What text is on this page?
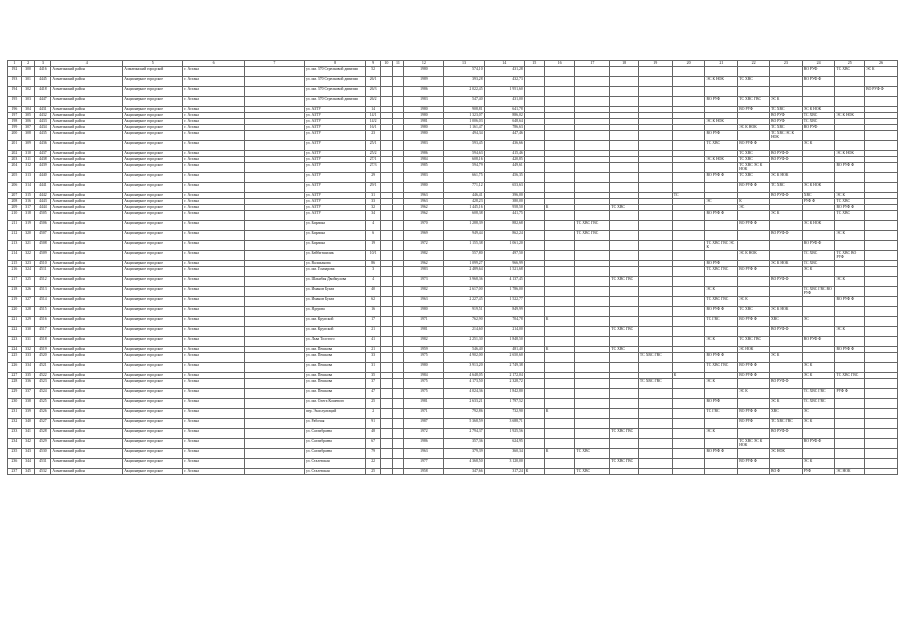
1	2	3	4	5	6	7	8	9	10	11	12	13	14	15	16	17	18	19	20	21	22	23	24	25	26
192	300	4416	Алматинский район	Алматинский городской	г. Астана		ул. им. 370 Стрелковой дивизии	52			1980	574,10	431,28										ВО РУФ	ТС ХВС	ЭС К
193	301	4445	Алматинский район	Акционерное городское	г. Астана		ул. им. 370 Стрелковой дивизии	26/1			1989	393,28	432,73							ЭС К НОК	ТС ХВС		ВО РУФ Ф		
194	302	4418	Алматинский район	Акционерное городское	г. Астана		ул. им. 370 Стрелковой дивизии	26/3			1986	2 022,45	1 951,60												ВО РУФ Ф
195	303	4447	Алматинский район	Акционерное городское	г. Астана		ул. им. 370 Стрелковой дивизии	26/2			1983	547,40	431,00							ВО РУФ	ТС ХВС ГВС	ЭС К			
196	304	4431	Алматинский район	Акционерное городское	г. Астана		ул. АЗТУ	14			1980	908,81	641,78								ВО РУФ	ТС ХВС	ЭС К НОК		
197	305	4432	Алматинский район	Акционерное городское	г. Астана		ул. АЗТУ	14/1			1980	1 323,07	886,02									ВО РУФ	ТС ХВС	ЭС К НОК	
198	306	4433	Алматинский район	Акционерное городское	г. Астана		ул. АЗТУ	14/2			1981	1 006,03	648,64							ЭС К НОК		ВО РУФ	ТС ХВС		
199	307	4434	Алматинский район	Акционерное городское	г. Астана		ул. АЗТУ	16/1			1980	1 161,47	786,63								ЭС К НОК	ТС ХВС	ВО РУФ		
200	308	4435	Алматинский район	Акционерное городское	г. Астана		ул. АЗТУ	23			1980	494,34	447,46							ВО РУФ		ТС ХВС ЭС К НОК			
201	309	4436	Алматинский район	Акционерное городское	г. Астана		ул. АЗТУ	25/1			1983	593,45	436,66							ТС ХВС	ВО РУФ Ф		ЭС К		
202	310	4437	Алматинский район	Акционерное городское	г. Астана		ул. АЗТУ	25/2			1986	594,63	415,46								ТС ХВС	ВО РУФ Ф		ЭС К НОК	
203	311	4438	Алматинский район	Акционерное городское	г. Астана		ул. АЗТУ	27/1			1984	608,16	420,85							ЭС К НОК	ТС ХВС	ВО РУФ Ф			
204	312	4439	Алматинский район	Акционерное городское	г. Астана		ул. АЗТУ	27/3			1985	594,79	449,61								ТС ХВС ЭС К НОК			ВО РУФ Ф	
205	313	4440	Алматинский район	Акционерное городское	г. Астана		ул. АЗТУ	29			1983	661,75	456,35							ВО РУФ Ф	ТС ХВС	ЭС К НОК			
206	314	4441	Алматинский район	Акционерное городское	г. Астана		ул. АЗТУ	29/1			1980	771,12	653,63								ВО РУФ Ф	ТС ХВС	ЭС К НОК		
207	315	4442	Алматинский район	Акционерное городское	г. Астана		ул. АЗТУ	31			1963	446,41	396,00						ТС			ВО РУФ Ф	ХВС	ЭС К	
208	316	4443	Алматинский район	Акционерное городское	г. Астана		ул. АЗТУ	33			1963	428,23	380,00							ЭС	К		РУФ Ф	ТС ХВС	
209	317	4444	Алматинский район	Акционерное городское	г. Астана		ул. АЗТУ	32			1962	1 445,16	958,50		К		ТС ХВС				ЭС			ВО РУФ Ф	
210	318	4505	Алматинский район	Акционерное городское	г. Астана		ул. АЗТУ	34			1962	608,38	441,75							ВО РУФ Ф		ЭС К		ТС ХВС	
211	319	4506	Алматинский район	Акционерное городское	г. Астана		ул. Бирлика	4			1970	1 288,39	882,68			ТС ХВС ГВС					ВО РУФ Ф		ЭС К НОК		
212	320	4507	Алматинский район	Акционерное городское	г. Астана		ул. Бирлика	6			1969	949,44	862,24			ТС ХВС ГВС						ВО РУФ Ф		ЭС К	
213	321	4508	Алматинский район	Акционерное городское	г. Астана		ул. Бирлика	19			1972	1 155,38	1 061,20							ТС ХВС ГВС ЭС К			ВО РУФ Ф		
214	322	4509	Алматинский район	Акционерное городское	г. Астана		ул. Бейбитшилик	10/1			1982	557,80	497,50								ЭС К НОК		ТС ХВС	ТС ХВС ВО РУФ	
215	323	4510	Алматинский район	Акционерное городское	г. Астана		ул. Валиханова	86			1962	1 099,27	966,99							ВО РУФ		ЭС К НОК	ТС ХВС		
216	324	4511	Алматинский район	Акционерное городское	г. Астана		ул. им. Гончарова	3			1983	2 489,64	1 521,68							ТС ХВС ГВС	ВО РУФ Ф		ЭС К		
217	325	4512	Алматинский район	Акционерное городское	г. Астана		ул. Шакибая Двойкулова	4			1973	3 968,36	4 137,45				ТС ХВС ГВС					ВО РУФ Ф		ЭС К	
218	326	4513	Алматинский район	Акционерное городское	г. Астана		ул. Иманов Букеа	40			1982	2 617,00	1 786,00							ЭС К			ТС ХВС ГВС ВО РУФ		
219	327	4514	Алматинский район	Акционерное городское	г. Астана		ул. Иманов Букеа	62			1963	2 227,45	1 522,77							ТС ХВС ГВС	ЭС К			ВО РУФ Ф	
220	328	4515	Алматинский район	Акционерное городское	г. Астана		ул. Ядгрова	16			1980	919,51	849,99							ВО РУФ Ф	ТС ХВС	ЭС К НОК			
221	329	4516	Алматинский район	Акционерное городское	г. Астана		ул. им. Крупской	17			1971	762,90	704,78		К					ТС ГВС	ВО РУФ Ф	ХВС	ЭС		
222	330	4517	Алматинский район	Акционерное городское	г. Астана		ул. им. Крупской	21			1981	214,60	214,00				ТС ХВС ГВС					ВО РУФ Ф		ЭС К	
223	331	4518	Алматинский район	Акционерное городское	г. Астана		ул. Льва Толстого	41			1982	2 251,30	1 848,50							ЭС К	ТС ХВС ГВС		ВО РУФ Ф		
224	332	4519	Алматинский район	Акционерное городское	г. Астана		ул. им. Пешкова	21			1959	546,40	481,40		К		ТС ХВС				ЭС НОК			ВО РУФ Ф	
225	333	4520	Алматинский район	Акционерное городское	г. Астана		ул. им. Пешкова	33			1975	4 902,00	2 650,60					ТС ХВС ГВС		ВО РУФ Ф		ЭС К			
226	334	4521	Алматинский район	Акционерное городское	г. Астана		ул. им. Пешкова	31			1980	3 913,20	2 749,38							ТС ХВС ГВС	ВО РУФ Ф		ЭС К		
227	335	4522	Алматинский район	Акционерное городское	г. Астана		ул. им. Пешкова	35			1984	4 648,05	2 172,04						К		ВО РУФ Ф		ЭС К	ТС ХВС ГВС	
228	336	4523	Алматинский район	Акционерное городское	г. Астана		ул. им. Пешкова	37			1975	4 173,50	2 328,72					ТС ХВС ГВС		ЭС К		ВО РУФ Ф			
229	337	4524	Алматинский район	Акционерное городское	г. Астана		ул. им. Пешкова	47			1975	4 024,36	1 842,80								ЭС К		ТС ХВС ГВС	РУФ Ф	
230	338	4525	Алматинский район	Акционерное городское	г. Астана		ул. им. Олега Кошевого	25			1981	2 633,21	1 797,52							ВО РУФ		ЭС К	ТС ХВС ГВС		
231	339	4526	Алматинский район	Акционерное городское	г. Астана		пер. Эксплуатаций	2			1971	792,86	732,90		К					ТС ГВС	ВО РУФ Ф	ХВС	ЭС		
232	340	4527	Алматинский район	Акционерное городское	г. Астана		ул. Рабочая	91			1987	5 368,59	3 688,71								ВО РУФ	ТС ХВС ГВС	ЭС К		
233	341	4528	Алматинский район	Акционерное городское	г. Астана		ул. Сахтибраева	48			1972	2 794,37	1 925,56				ТС ХВС ГВС			ЭС К		ВО РУФ Ф			
234	342	4529	Алматинский район	Акционерное городское	г. Астана		ул. Сахтибраева	67			1986	357,36	624,95								ТС ХВС ЭС К НОК		ВО РУФ Ф		
235	343	4530	Алматинский район	Акционерное городское	г. Астана		ул. Сахтибраева	79			1963	379,39	360,34		К	ТС ХВС				ВО РУФ Ф		ЭС НОК			
236	344	4531	Алматинский район	Акционерное городское	г. Астана		ул. Сталевская	22			1977	4 368,50	3 120,00				ТС ХВС ГВС				ВО РУФ Ф		ЭС К		
237	345	4532	Алматинский район	Акционерное городское	г. Астана		ул. Сталевская	25			1958	347,66	317,24	К		ТС ХВС						ВО Ф	РУФ	ЭС НОК	
